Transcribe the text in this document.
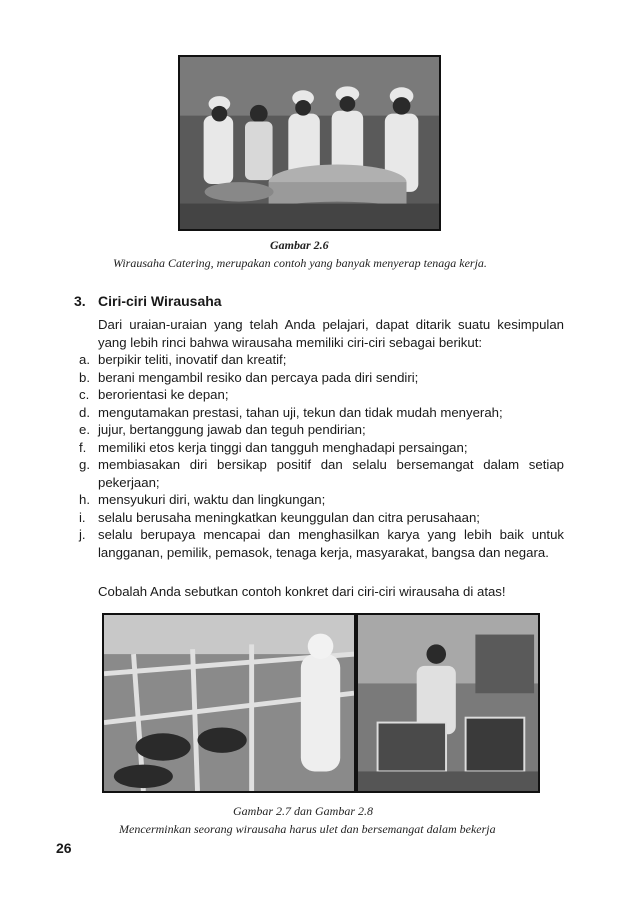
Gambar 2.6
Wirausaha Catering, merupakan contoh yang banyak menyerap tenaga kerja.
3. Ciri-ciri Wirausaha
Dari uraian-uraian yang telah Anda pelajari, dapat ditarik suatu kesimpulan yang lebih rinci bahwa wirausaha memiliki ciri-ciri sebagai berikut:
a. berpikir teliti, inovatif dan kreatif;
b. berani mengambil resiko dan percaya pada diri sendiri;
c. berorientasi ke depan;
d. mengutamakan prestasi, tahan uji, tekun dan tidak mudah menyerah;
e. jujur, bertanggung jawab dan teguh pendirian;
f. memiliki etos kerja tinggi dan tangguh menghadapi persaingan;
g. membiasakan diri bersikap positif dan selalu bersemangat dalam setiap pekerjaan;
h. mensyukuri diri, waktu dan lingkungan;
i. selalu berusaha meningkatkan keunggulan dan citra perusahaan;
j. selalu berupaya mencapai dan menghasilkan karya yang lebih baik untuk langganan, pemilik, pemasok, tenaga kerja, masyarakat, bangsa dan negara.
Cobalah Anda sebutkan contoh konkret dari ciri-ciri wirausaha di atas!
Gambar 2.7 dan Gambar 2.8
Mencerminkan seorang wirausaha harus ulet dan bersemangat dalam bekerja
26
